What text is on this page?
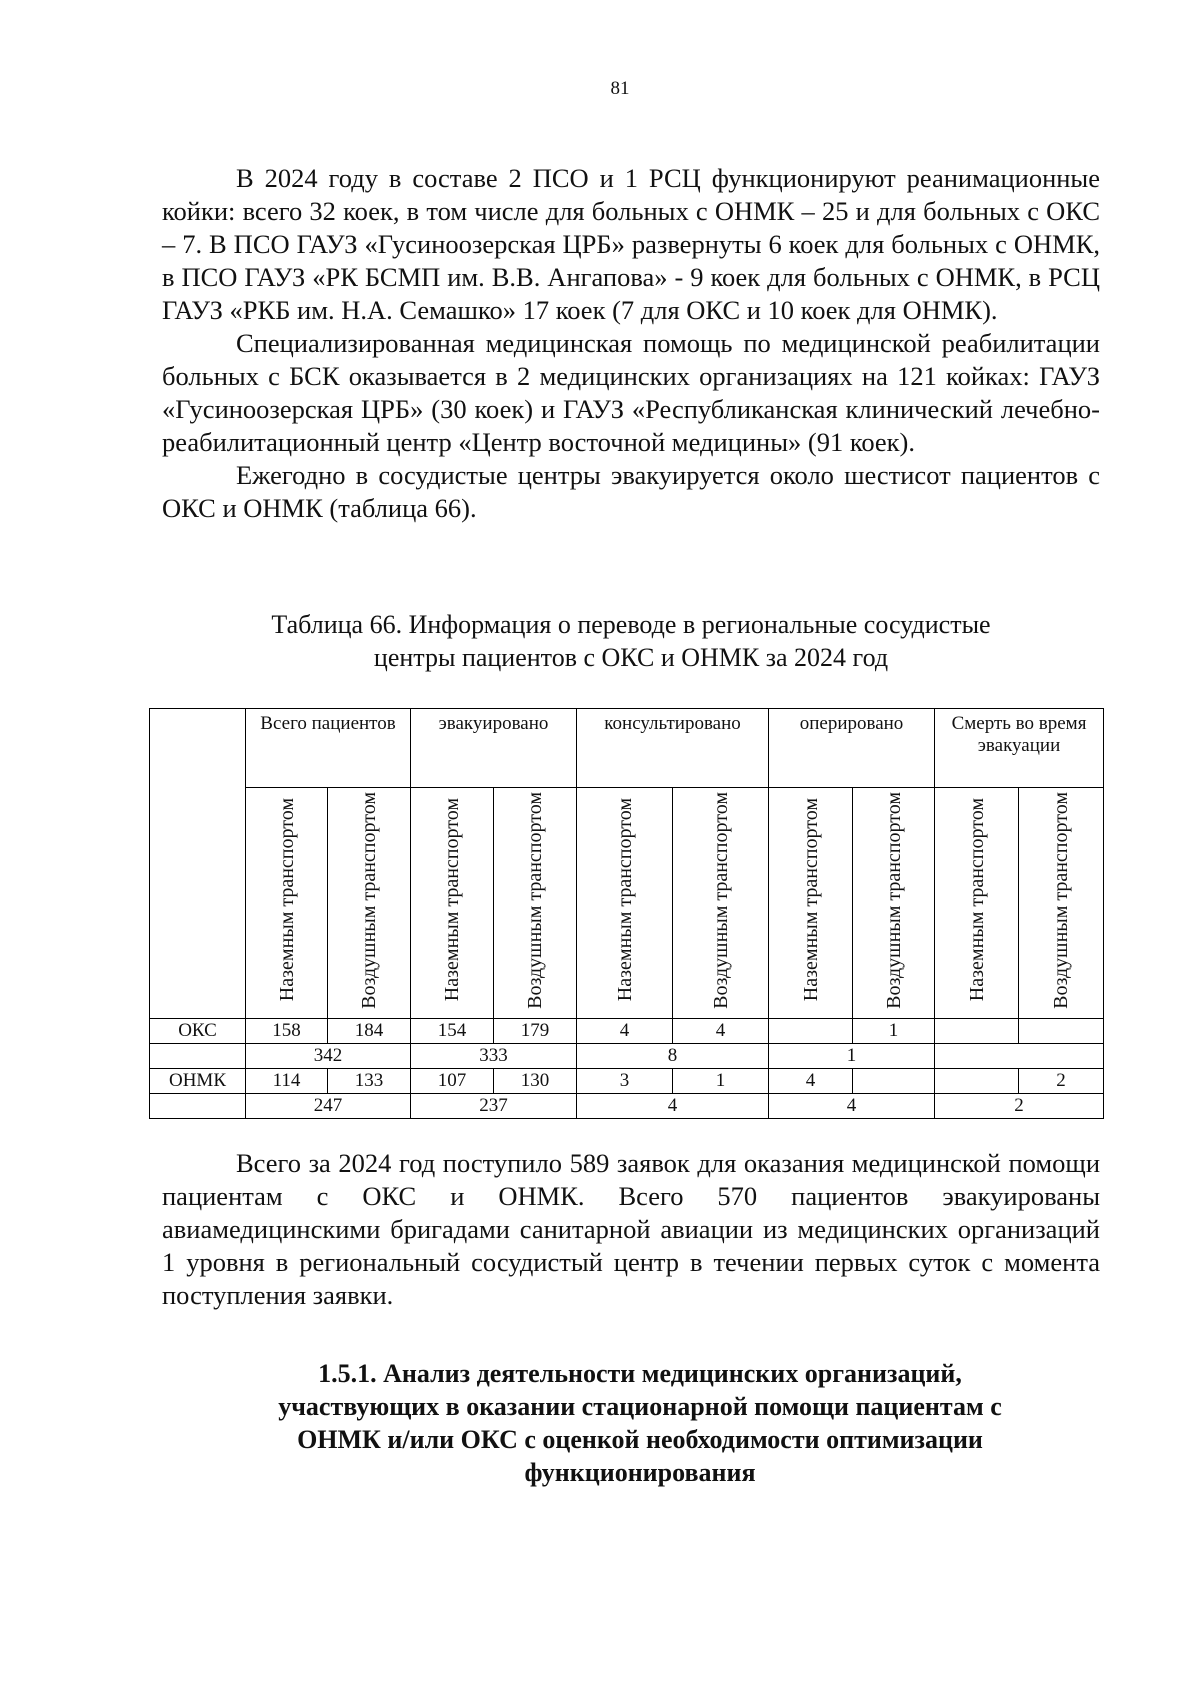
81

В 2024 году в составе 2 ПСО и 1 РСЦ функционируют реанимационные койки: всего 32 коек, в том числе для больных с ОНМК – 25 и для больных с ОКС – 7. В ПСО ГАУЗ «Гусиноозерская ЦРБ» развернуты 6 коек для больных с ОНМК, в ПСО ГАУЗ «РК БСМП им. В.В. Ангапова» - 9 коек для больных с ОНМК, в РСЦ ГАУЗ «РКБ им. Н.А. Семашко» 17 коек (7 для ОКС и 10 коек для ОНМК).

Специализированная медицинская помощь по медицинской реабилитации больных с БСК оказывается в 2 медицинских организациях на 121 койках: ГАУЗ «Гусиноозерская ЦРБ» (30 коек) и ГАУЗ «Республиканская клинический лечебно-реабилитационный центр «Центр восточной медицины» (91 коек).

Ежегодно в сосудистые центры эвакуируется около шестисот пациентов с ОКС и ОНМК (таблица 66).

Таблица 66. Информация о переводе в региональные сосудистые
центры пациентов с ОКС и ОНМК за 2024 год
	Всего пациентов		эвакуировано		консультировано		оперировано		Смерть во время эвакуации	
	Наземным транспортом	Воздушным транспортом	Наземным транспортом	Воздушным транспортом	Наземным транспортом	Воздушным транспортом	Наземным транспортом	Воздушным транспортом	Наземным транспортом	Воздушным транспортом
ОКС	158	184	154	179	4	4		1		
	342		333		8		1			
ОНМК	114	133	107	130	3	1	4			2
	247		237		4		4		2	

Всего за 2024 год поступило 589 заявок для оказания медицинской помощи пациентам с ОКС и ОНМК. Всего 570 пациентов эвакуированы авиамедицинскими бригадами санитарной авиации из медицинских организаций 1 уровня в региональный сосудистый центр в течении первых суток с момента поступления заявки.

1.5.1. Анализ деятельности медицинских организаций,
участвующих в оказании стационарной помощи пациентам с
ОНМК и/или ОКС с оценкой необходимости оптимизации
функционирования
